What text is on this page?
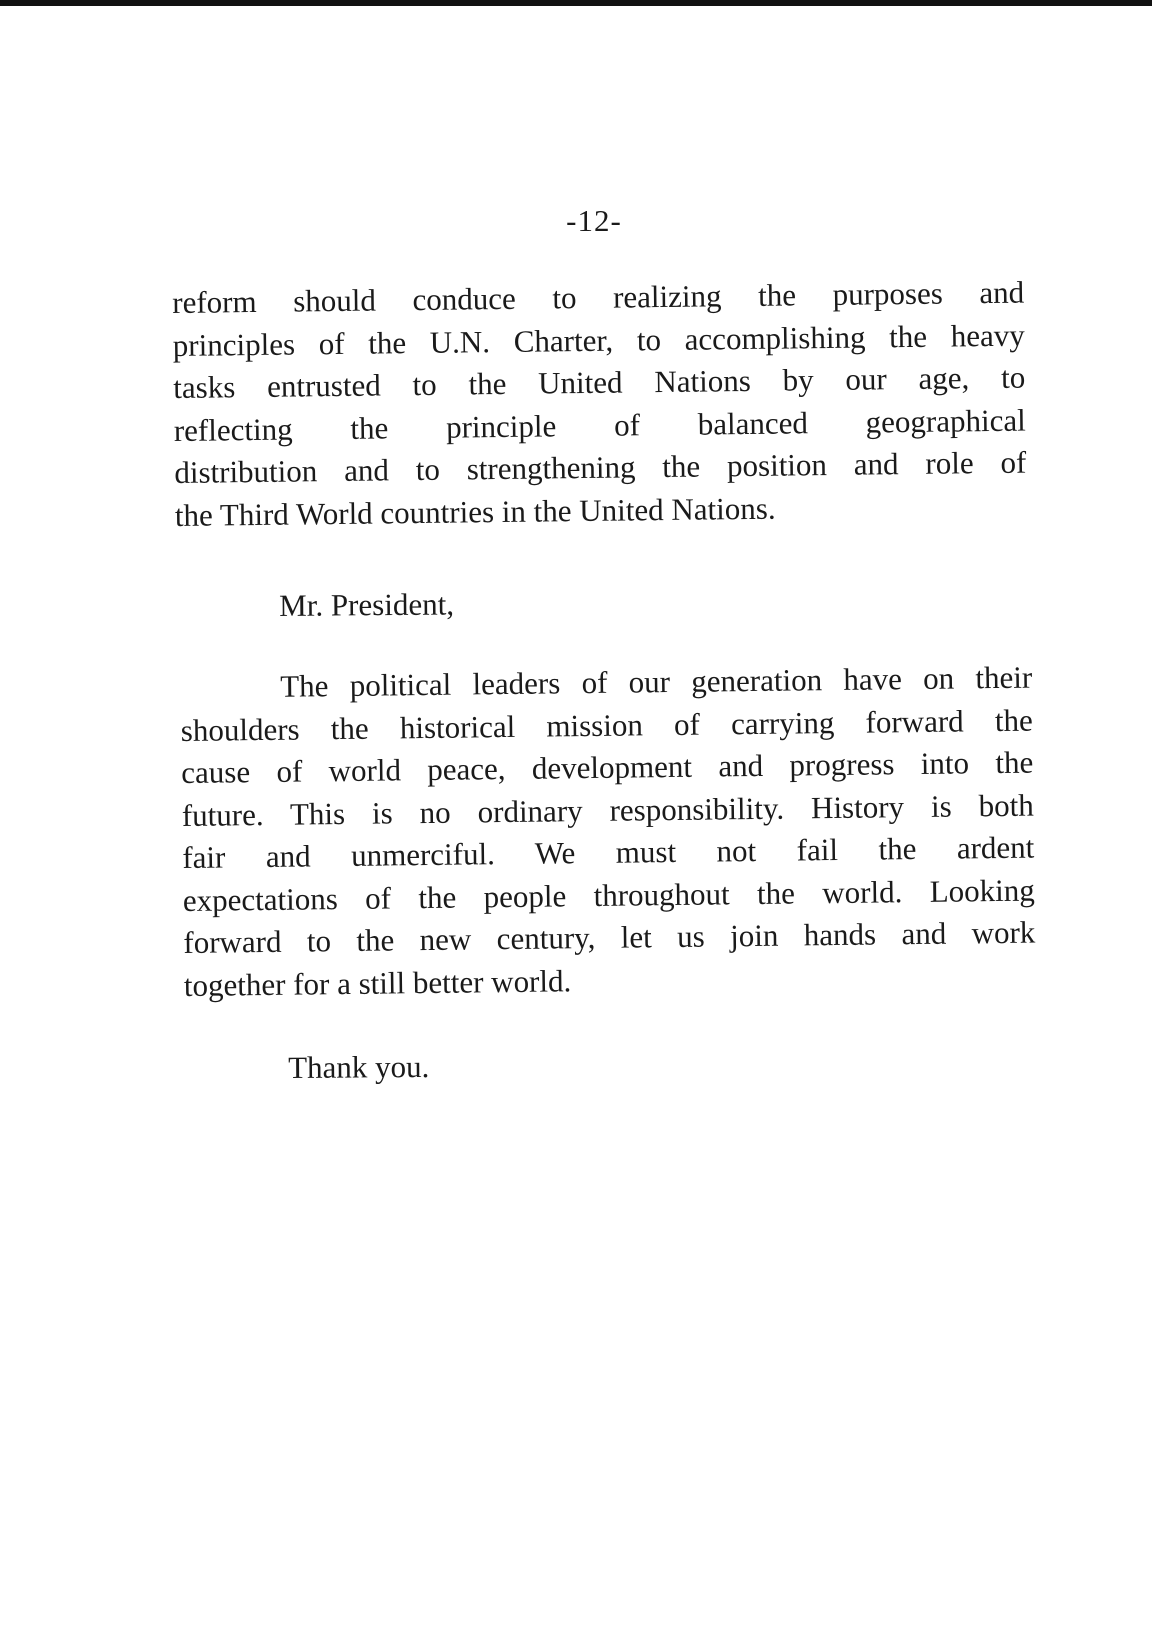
-12-
reform should conduce to realizing the purposes and
principles of the U.N. Charter, to accomplishing the heavy
tasks entrusted to the United Nations by our age, to
reflecting the principle of balanced geographical
distribution and to strengthening the position and role of
the Third World countries in the United Nations.
Mr. President,
The political leaders of our generation have on their
shoulders the historical mission of carrying forward the
cause of world peace, development and progress into the
future. This is no ordinary responsibility. History is both
fair and unmerciful. We must not fail the ardent
expectations of the people throughout the world. Looking
forward to the new century, let us join hands and work
together for a still better world.
Thank you.
